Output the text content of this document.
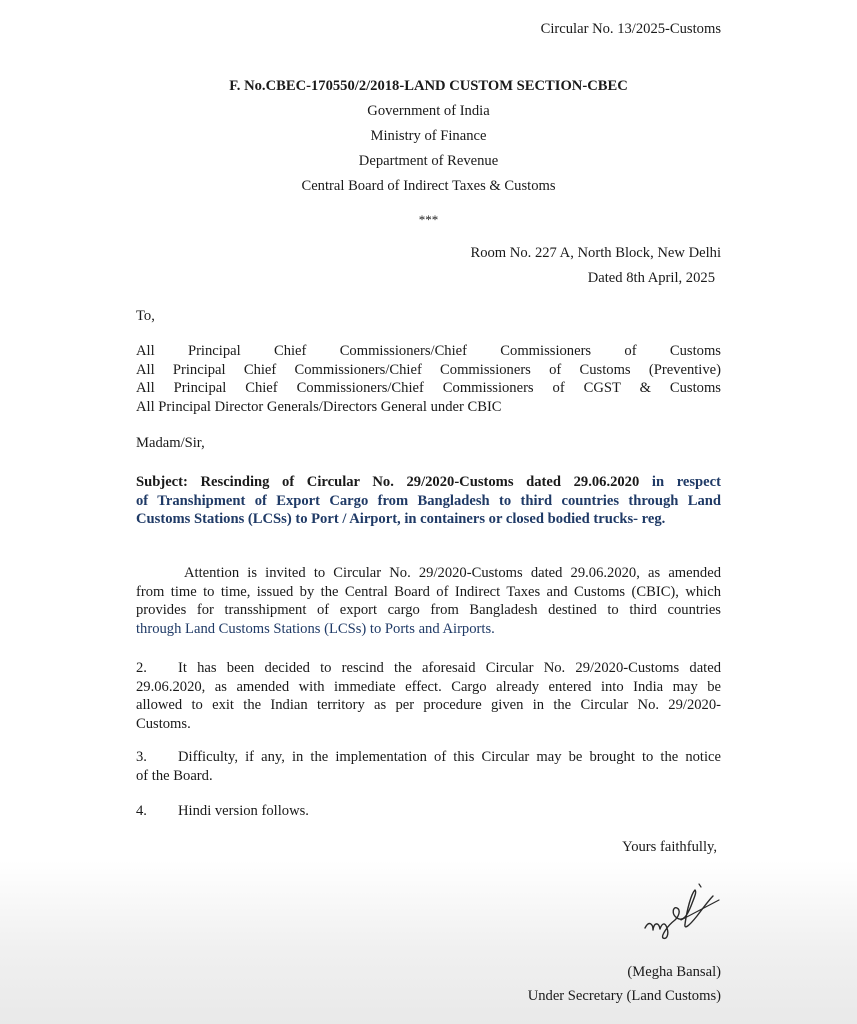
Circular No. 13/2025-Customs
F. No.CBEC-170550/2/2018-LAND CUSTOM SECTION-CBEC
Government of India
Ministry of Finance
Department of Revenue
Central Board of Indirect Taxes & Customs
***
Room No. 227 A, North Block, New Delhi
Dated 8th April, 2025
To,
All Principal Chief Commissioners/Chief Commissioners of Customs
All Principal Chief Commissioners/Chief Commissioners of Customs (Preventive)
All Principal Chief Commissioners/Chief Commissioners of CGST & Customs
All Principal Director Generals/Directors General under CBIC
Madam/Sir,
Subject: Rescinding of Circular No. 29/2020-Customs dated 29.06.2020 in respect
of Transhipment of Export Cargo from Bangladesh to third countries through Land
Customs Stations (LCSs) to Port / Airport, in containers or closed bodied trucks- reg.
Attention is invited to Circular No. 29/2020-Customs dated 29.06.2020, as amended
from time to time, issued by the Central Board of Indirect Taxes and Customs (CBIC), which
provides for transshipment of export cargo from Bangladesh destined to third countries
through Land Customs Stations (LCSs) to Ports and Airports.
2. It has been decided to rescind the aforesaid Circular No. 29/2020-Customs dated
29.06.2020, as amended with immediate effect. Cargo already entered into India may be
allowed to exit the Indian territory as per procedure given in the Circular No. 29/2020-
Customs.
3. Difficulty, if any, in the implementation of this Circular may be brought to the notice
of the Board.
4. Hindi version follows.
Yours faithfully,
(Megha Bansal)
Under Secretary (Land Customs)
